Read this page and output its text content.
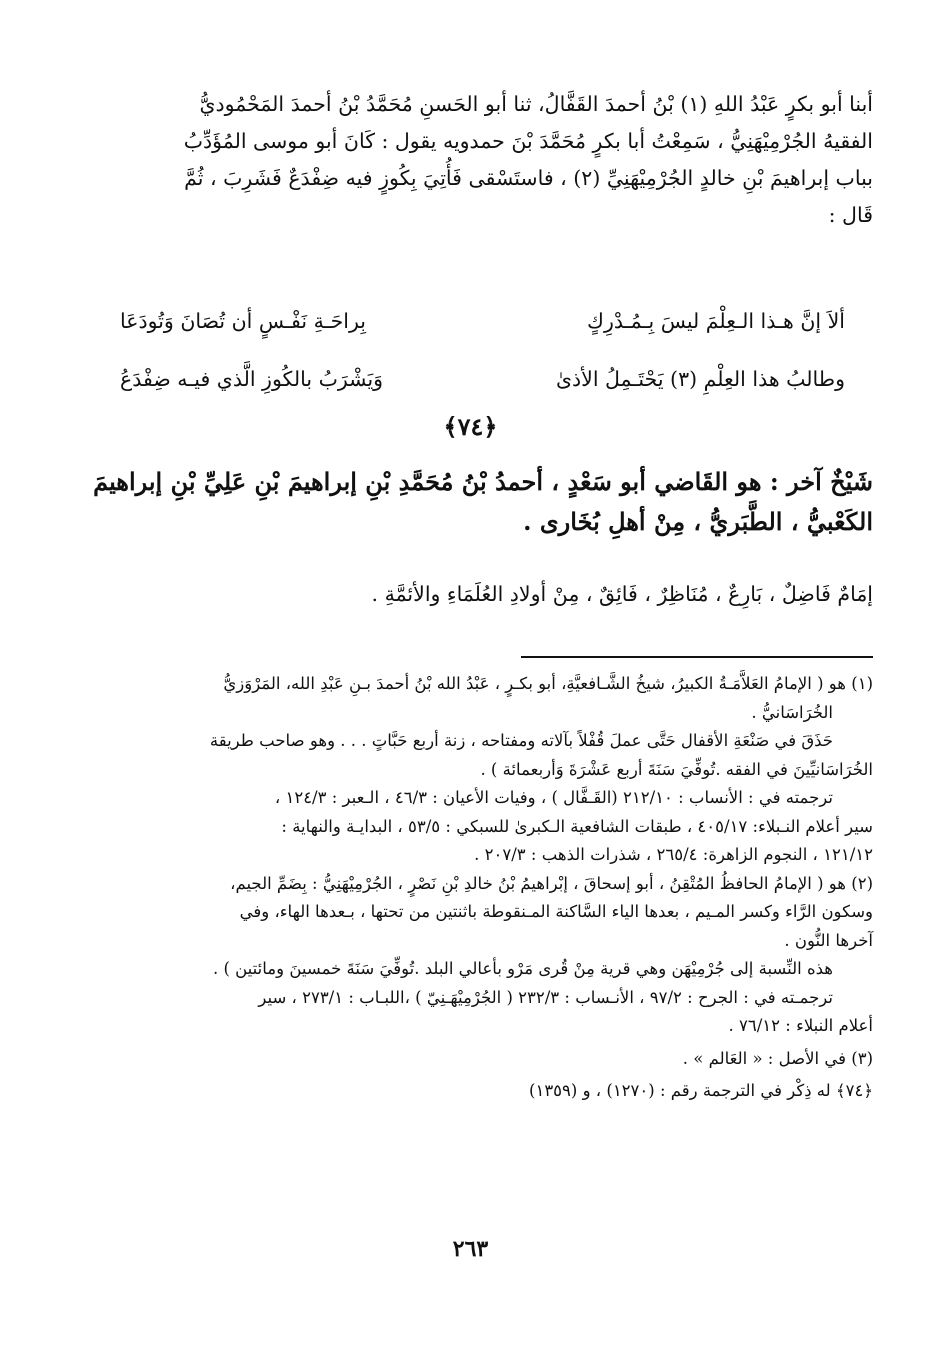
أبنا أبو بكرٍ عَبْدُ اللهِ (١) بْنُ أحمدَ القَفَّالُ، ثنا أبو الحَسنِ مُحَمَّدُ بْنُ أحمدَ المَحْمُوديُّ

الفقيهُ الجُرْمِيْهَنِيُّ ، سَمِعْتُ أبا بكرٍ مُحَمَّدَ بْنَ حمدويه يقول : كَانَ أبو موسى المُؤَدِّبُ

بباب إبراهيمَ بْنِ خالدٍ الجُرْمِيْهَنِيِّ (٢) ، فاستَسْقى فَأُتِيَ بِكُوزٍ فيه ضِفْدَعٌ فَشَرِبَ ، ثُمَّ

قَال :

ألاَ إنَّ هـذا الـعِلْمَ ليسَ بِـمُـدْرِكٍ
بِراحَـةِ نَفْـسٍ أن تُصَانَ وَتُودَعَا
وطالبُ هذا العِلْمِ (٣) يَحْتَـمِلُ الأذىٰ
وَيَشْرَبُ بالكُوزِ الَّذي فيـه ضِفْدَعُ
﴿٧٤﴾

شَيْخٌ آخر : هو القَاضي أبو سَعْدٍ ، أحمدُ بْنُ مُحَمَّدِ بْنِ إبراهيمَ بْنِ عَلِيِّ بْنِ إبراهيمَ

الكَعْبيُّ ، الطَّبَريُّ ، مِنْ أهلِ بُخَارى .

إمَامٌ فَاضِلٌ ، بَارِعٌ ، مُنَاظِرٌ ، فَائِقٌ ، مِنْ أولادِ العُلَمَاءِ والأئمَّةِ .

(١) هو ( الإمامُ العَلاَّمَـةُ الكبيرُ، شيخُ الشَّـافعيَّةِ، أبو بكـرٍ ، عَبْدُ الله بْنُ أحمدَ بـنِ عَبْدِ الله، المَرْوَزيُّ

الخُرَاسَانيُّ .

حَذَقَ في صَنْعَةِ الأقفال حَتَّى عملَ قُفْلاً بآلاته ومفتاحه ، زنة أربع حَبَّاتٍ . . . وهو صاحب طريقة

الخُرَاسَانيِّينَ في الفقه .تُوفِّيَ سَنَةَ أربع عَشْرَةَ وَأربعمائة ) .

ترجمته في : الأنساب : ٢١٢/١٠ (القَـفَّال ) ، وفيات الأعيان : ٤٦/٣ ، الـعبر : ١٢٤/٣ ،

سير أعلام النـبلاء: ٤٠٥/١٧ ، طبقات الشافعية الـكبرىٰ للسبكي : ٥٣/٥ ، البدايـة والنهاية :

١٢١/١٢ ، النجوم الزاهرة: ٢٦٥/٤ ، شذرات الذهب : ٢٠٧/٣ .

(٢) هو ( الإمامُ الحافظُ المُتْقِنُ ، أبو إسحاقَ ، إبْراهيمُ بْنُ خالدِ بْنِ نَصْرٍ ، الجُرْمِيْهَنِيُّ : بِضَمِّ الجيم،

وسكون الرَّاء وكسر المـيم ، بعدها الياء السَّاكنة المـنقوطة باثنتين من تحتها ، بـعدها الهاء، وفي

آخرها النُّون .

هذه النِّسبة إلى جُرْمِيْهَن وهي قرية مِنْ قُرى مَرْو بأعالي البلد .تُوفِّيَ سَنَةَ خمسينَ ومائتين ) .

ترجمـته في : الجرح : ٩٧/٢ ، الأنـساب : ٢٣٢/٣ ( الجُرْمِيْهَـنِيّ ) ،اللبـاب : ٢٧٣/١ ، سير

أعلام النبلاء : ٧٦/١٢ .

(٣) في الأصل : « العَالم » .

﴿٧٤﴾ له ذِكْر في الترجمة رقم : (١٢٧٠) ، و (١٣٥٩)

٢٦٣
